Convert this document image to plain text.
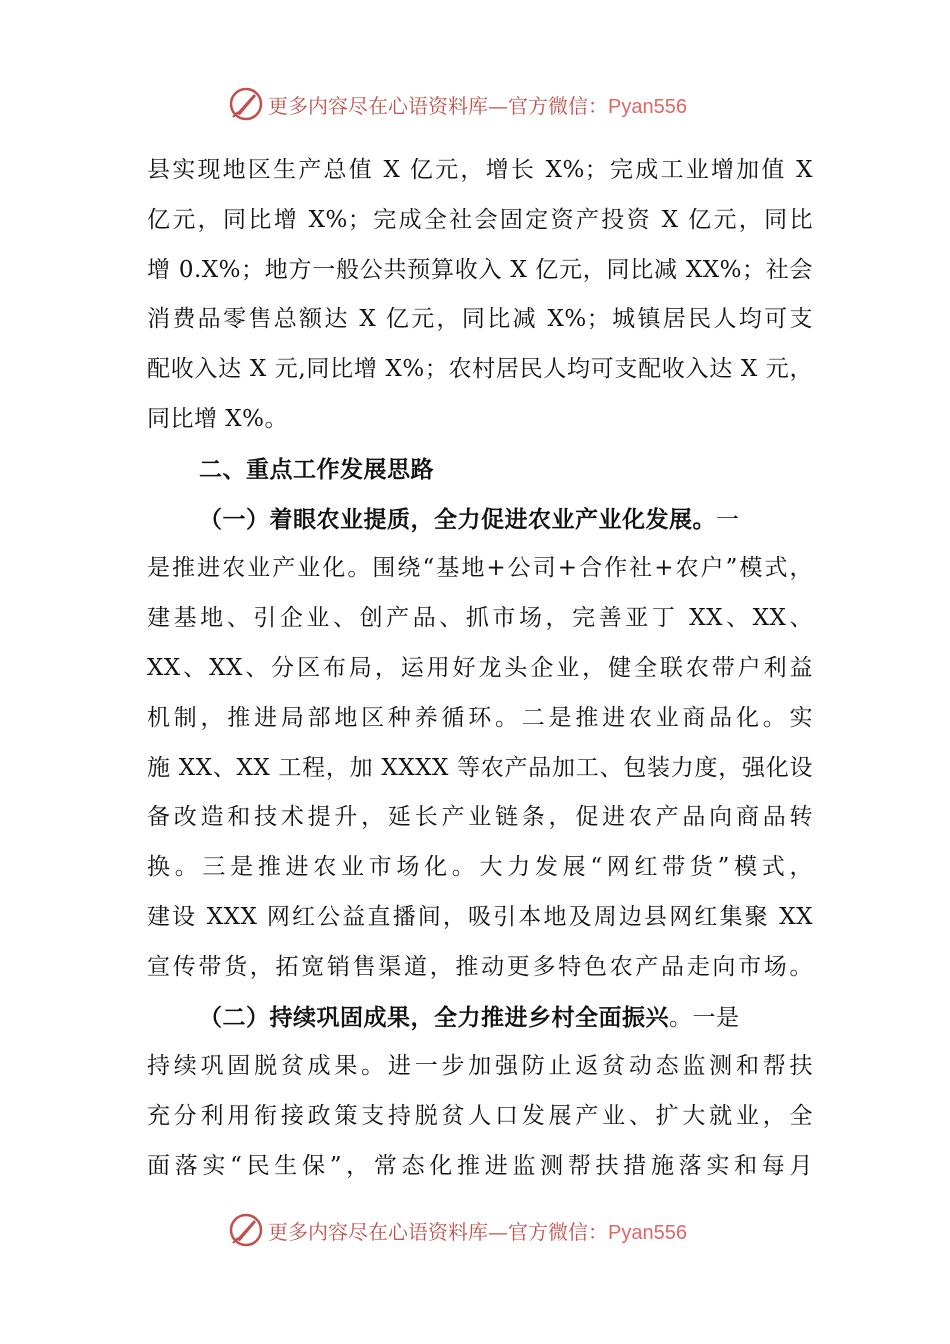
更多内容尽在心语资料库—官方微信：Pyan556

县实现地区生产总值 X 亿元，增长 X%；完成工业增加值 X

亿元，同比增 X%；完成全社会固定资产投资 X 亿元，同比

增 0.X%；地方一般公共预算收入 X 亿元，同比减 XX%；社会

消费品零售总额达 X 亿元，同比减 X%；城镇居民人均可支

配收入达 X 元,同比增 X%；农村居民人均可支配收入达 X 元，

同比增 X%。

二、重点工作发展思路

（一）着眼农业提质，全力促进农业产业化发展。一

是推进农业产业化。围绕“基地+公司+合作社+农户”模式，

建基地、引企业、创产品、抓市场，完善亚丁 XX、XX、

XX、XX、分区布局，运用好龙头企业，健全联农带户利益

机制，推进局部地区种养循环。二是推进农业商品化。实

施 XX、XX 工程，加 XXXX 等农产品加工、包装力度，强化设

备改造和技术提升，延长产业链条，促进农产品向商品转

换。三是推进农业市场化。大力发展“网红带货”模式，

建设 XXX 网红公益直播间，吸引本地及周边县网红集聚 XX

宣传带货，拓宽销售渠道，推动更多特色农产品走向市场。

（二）持续巩固成果，全力推进乡村全面振兴。一是

持续巩固脱贫成果。进一步加强防止返贫动态监测和帮扶

充分利用衔接政策支持脱贫人口发展产业、扩大就业，全

面落实“民生保”，常态化推进监测帮扶措施落实和每月

更多内容尽在心语资料库—官方微信：Pyan556
